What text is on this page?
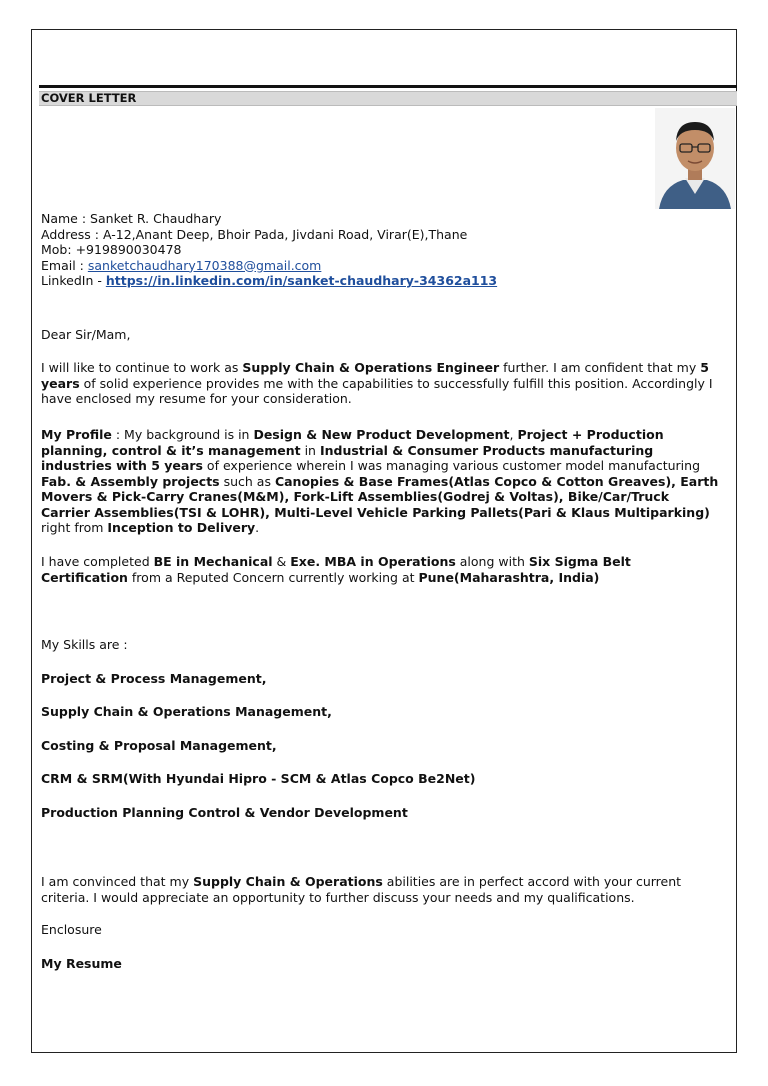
COVER LETTER
Name : Sanket R. Chaudhary
Address : A-12,Anant Deep, Bhoir Pada, Jivdani Road, Virar(E),Thane
Mob: +919890030478
Email : sanketchaudhary170388@gmail.com
LinkedIn - https://in.linkedin.com/in/sanket-chaudhary-34362a113
Dear Sir/Mam,

I will like to continue to work as Supply Chain & Operations Engineer further. I am confident that my 5 years of solid experience provides me with the capabilities to successfully fulfill this position. Accordingly I have enclosed my resume for your consideration.

My Profile : My background is in Design & New Product Development, Project + Production planning, control & it’s management in Industrial & Consumer Products manufacturing industries with 5 years of experience wherein I was managing various customer model manufacturing Fab. & Assembly projects such as Canopies & Base Frames(Atlas Copco & Cotton Greaves), Earth Movers & Pick-Carry Cranes(M&M), Fork-Lift Assemblies(Godrej & Voltas), Bike/Car/Truck Carrier Assemblies(TSI & LOHR), Multi-Level Vehicle Parking Pallets(Pari & Klaus Multiparking) right from Inception to Delivery.

I have completed BE in Mechanical & Exe. MBA in Operations along with Six Sigma Belt Certification from a Reputed Concern currently working at Pune(Maharashtra, India)

My Skills are :
Project & Process Management,
Supply Chain & Operations Management,
Costing & Proposal Management,
CRM & SRM(With Hyundai Hipro - SCM & Atlas Copco Be2Net)
Production Planning Control & Vendor Development

I am convinced that my Supply Chain & Operations abilities are in perfect accord with your current criteria. I would appreciate an opportunity to further discuss your needs and my qualifications.

Enclosure
My Resume
